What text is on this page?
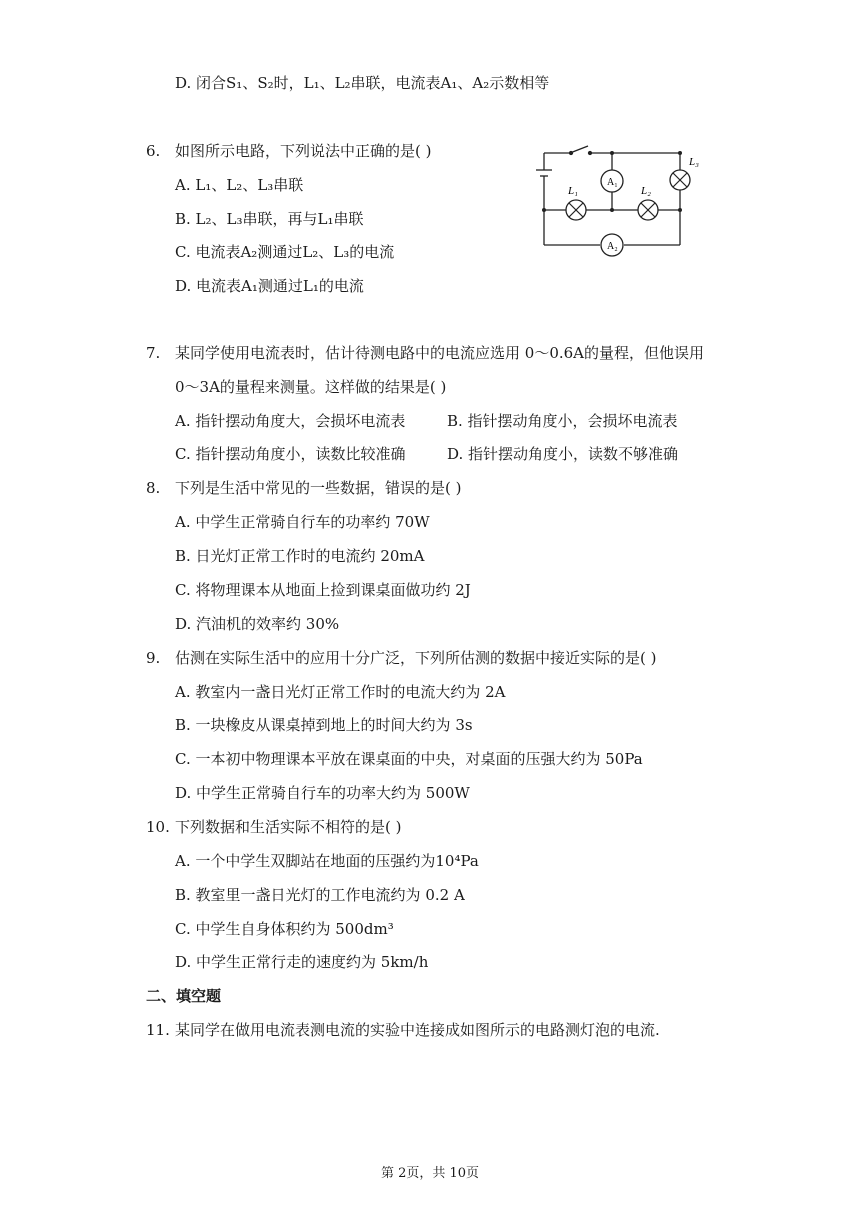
D. 闭合S₁、S₂时，L₁、L₂串联，电流表A₁、A₂示数相等
6. 如图所示电路，下列说法中正确的是( )
A. L₁、L₂、L₃串联
B. L₂、L₃串联，再与L₁串联
C. 电流表A₂测通过L₂、L₃的电流
D. 电流表A₁测通过L₁的电流
A₁
A₂
L₁	L₂
L₃
7. 某同学使用电流表时，估计待测电路中的电流应选用 0～0.6A的量程，但他误用
0～3A的量程来测量。这样做的结果是( )
A. 指针摆动角度大，会损坏电流表	B. 指针摆动角度小，会损坏电流表
C. 指针摆动角度小，读数比较准确	D. 指针摆动角度小，读数不够准确
8. 下列是生活中常见的一些数据，错误的是( )
A. 中学生正常骑自行车的功率约 70W
B. 日光灯正常工作时的电流约 20mA
C. 将物理课本从地面上捡到课桌面做功约 2J
D. 汽油机的效率约 30%
9. 估测在实际生活中的应用十分广泛，下列所估测的数据中接近实际的是( )
A. 教室内一盏日光灯正常工作时的电流大约为 2A
B. 一块橡皮从课桌掉到地上的时间大约为 3s
C. 一本初中物理课本平放在课桌面的中央，对桌面的压强大约为 50Pa
D. 中学生正常骑自行车的功率大约为 500W
10. 下列数据和生活实际不相符的是( )
A. 一个中学生双脚站在地面的压强约为10⁴Pa
B. 教室里一盏日光灯的工作电流约为 0.2 A
C. 中学生自身体积约为 500dm³
D. 中学生正常行走的速度约为 5km/h
二、填空题
11. 某同学在做用电流表测电流的实验中连接成如图所示的电路测灯泡的电流.
第 2页，共 10页
